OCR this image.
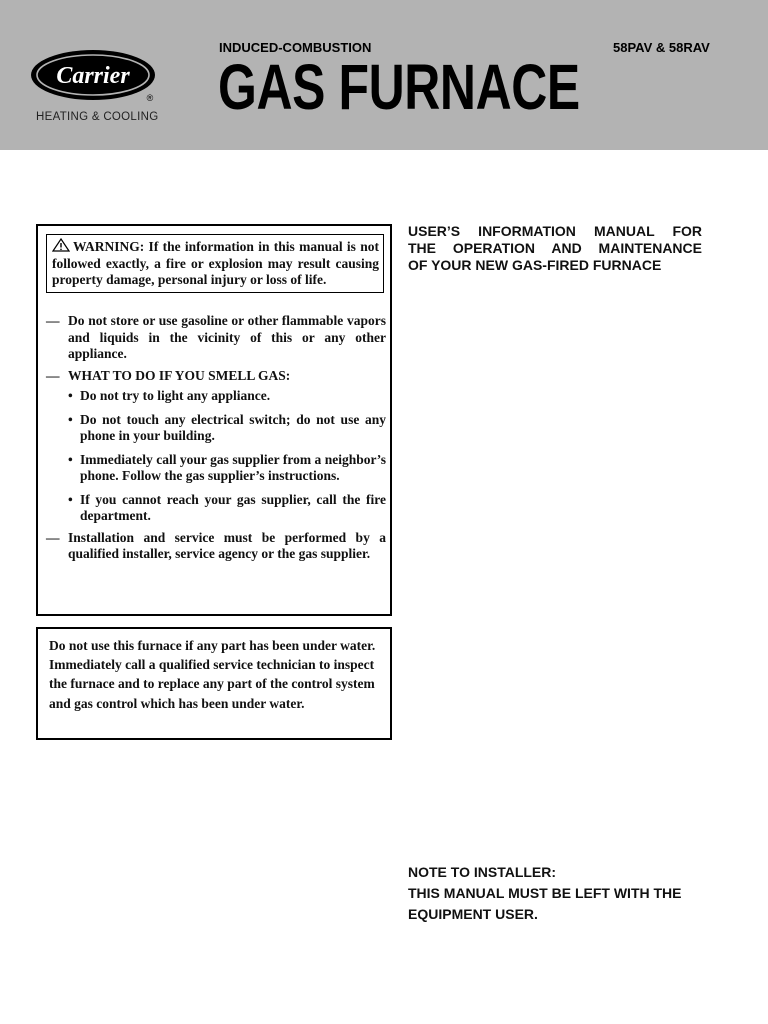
Carrier
®
HEATING & COOLING
INDUCED-COMBUSTION	58PAV & 58RAV
GAS FURNACE
WARNING: If the information in this manual is not followed exactly, a fire or explosion may result causing property damage, personal injury or loss of life.
— Do not store or use gasoline or other flammable vapors and liquids in the vicinity of this or any other appliance.
— WHAT TO DO IF YOU SMELL GAS:
• Do not try to light any appliance.
• Do not touch any electrical switch; do not use any phone in your building.
• Immediately call your gas supplier from a neighbor’s phone. Follow the gas supplier’s instructions.
• If you cannot reach your gas supplier, call the fire department.
— Installation and service must be performed by a qualified installer, service agency or the gas supplier.
Do not use this furnace if any part has been under water. Immediately call a qualified service technician to inspect the furnace and to replace any part of the control system and gas control which has been under water.
USER’S INFORMATION MANUAL FOR
THE OPERATION AND MAINTENANCE
OF YOUR NEW GAS-FIRED FURNACE
NOTE TO INSTALLER:
THIS MANUAL MUST BE LEFT WITH THE EQUIPMENT USER.
